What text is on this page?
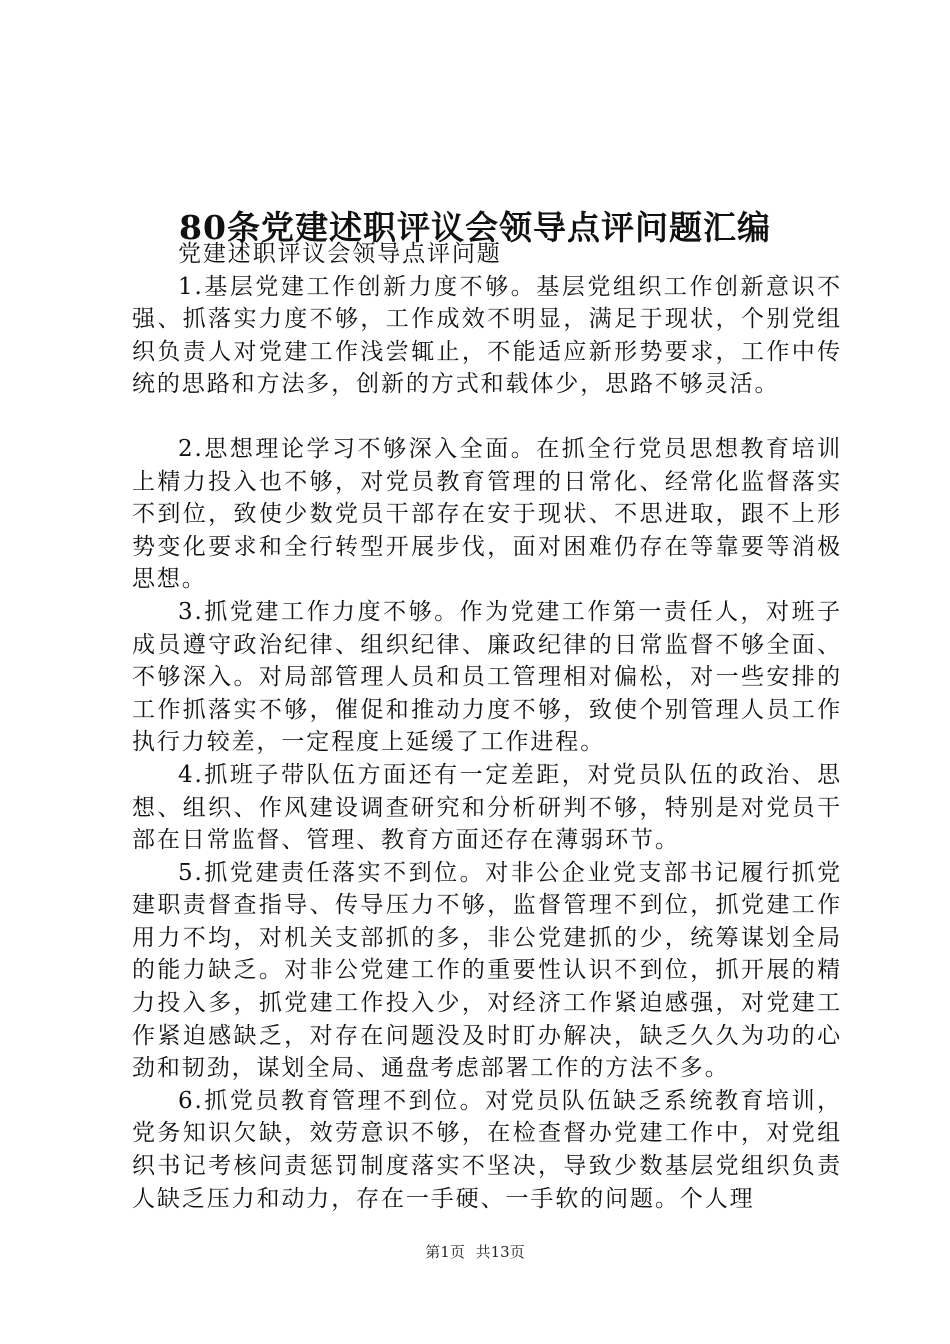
80条党建述职评议会领导点评问题汇编

党建述职评议会领导点评问题

1.基层党建工作创新力度不够。基层党组织工作创新意识不强、抓落实力度不够，工作成效不明显，满足于现状，个别党组织负责人对党建工作浅尝辄止，不能适应新形势要求，工作中传统的思路和方法多，创新的方式和载体少，思路不够灵活。

2.思想理论学习不够深入全面。在抓全行党员思想教育培训上精力投入也不够，对党员教育管理的日常化、经常化监督落实不到位，致使少数党员干部存在安于现状、不思进取，跟不上形势变化要求和全行转型开展步伐，面对困难仍存在等靠要等消极思想。

3.抓党建工作力度不够。作为党建工作第一责任人，对班子成员遵守政治纪律、组织纪律、廉政纪律的日常监督不够全面、不够深入。对局部管理人员和员工管理相对偏松，对一些安排的工作抓落实不够，催促和推动力度不够，致使个别管理人员工作执行力较差，一定程度上延缓了工作进程。

4.抓班子带队伍方面还有一定差距，对党员队伍的政治、思想、组织、作风建设调查研究和分析研判不够，特别是对党员干部在日常监督、管理、教育方面还存在薄弱环节。

5.抓党建责任落实不到位。对非公企业党支部书记履行抓党建职责督查指导、传导压力不够，监督管理不到位，抓党建工作用力不均，对机关支部抓的多，非公党建抓的少，统筹谋划全局的能力缺乏。对非公党建工作的重要性认识不到位，抓开展的精力投入多，抓党建工作投入少，对经济工作紧迫感强，对党建工作紧迫感缺乏，对存在问题没及时盯办解决，缺乏久久为功的心劲和韧劲，谋划全局、通盘考虑部署工作的方法不多。

6.抓党员教育管理不到位。对党员队伍缺乏系统教育培训，党务知识欠缺，效劳意识不够，在检查督办党建工作中，对党组织书记考核问责惩罚制度落实不坚决，导致少数基层党组织负责人缺乏压力和动力，存在一手硬、一手软的问题。个人理

第1页 共13页
